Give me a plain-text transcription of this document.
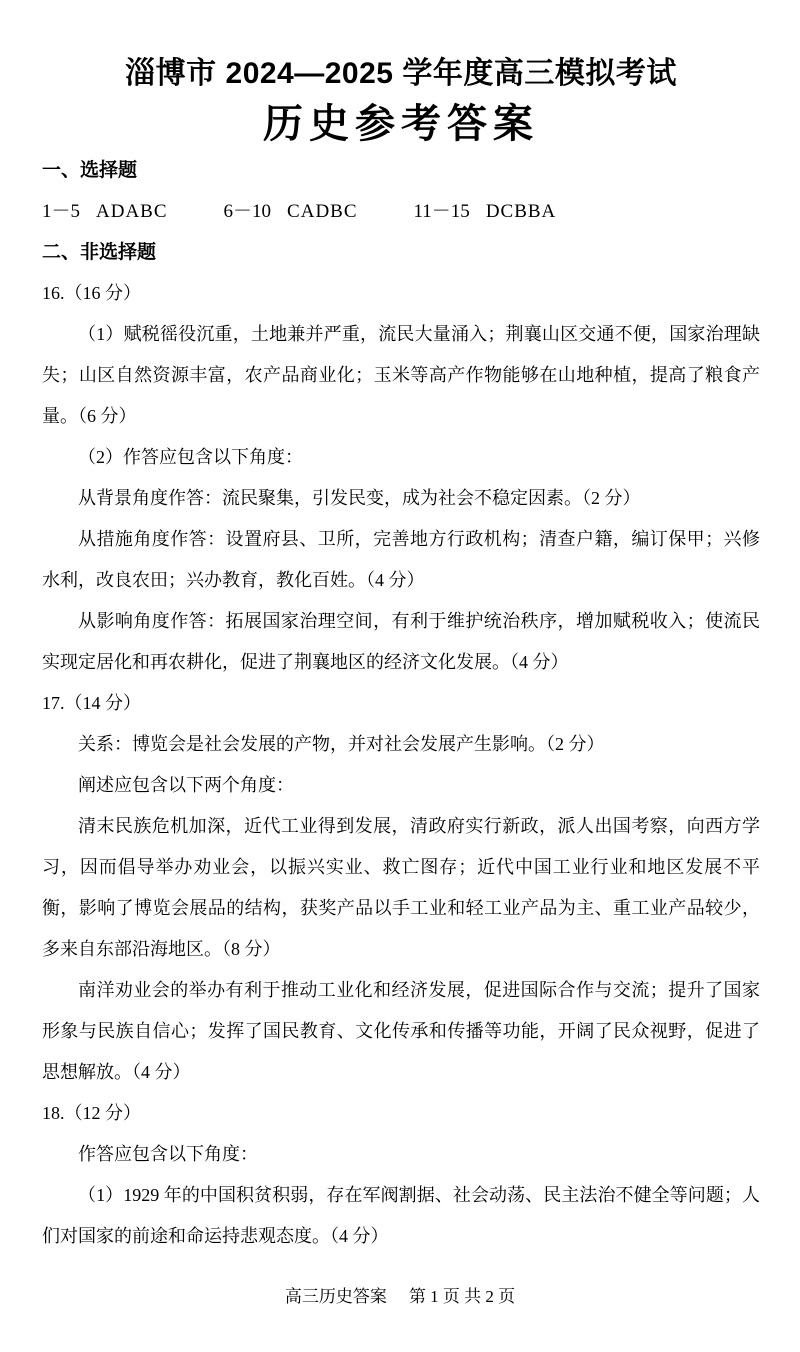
淄博市 2024—2025 学年度高三模拟考试
历史参考答案
一、选择题
1－5 ADABC	6－10 CADBC	11－15 DCBBA
二、非选择题
16.（16 分）

（1）赋税徭役沉重，土地兼并严重，流民大量涌入；荆襄山区交通不便，国家治理缺失；山区自然资源丰富，农产品商业化；玉米等高产作物能够在山地种植，提高了粮食产量。（6 分）

（2）作答应包含以下角度：

从背景角度作答：流民聚集，引发民变，成为社会不稳定因素。（2 分）

从措施角度作答：设置府县、卫所，完善地方行政机构；清查户籍，编订保甲；兴修水利，改良农田；兴办教育，教化百姓。（4 分）

从影响角度作答：拓展国家治理空间，有利于维护统治秩序，增加赋税收入；使流民实现定居化和再农耕化，促进了荆襄地区的经济文化发展。（4 分）

17.（14 分）

关系：博览会是社会发展的产物，并对社会发展产生影响。（2 分）

阐述应包含以下两个角度：

清末民族危机加深，近代工业得到发展，清政府实行新政，派人出国考察，向西方学习，因而倡导举办劝业会，以振兴实业、救亡图存；近代中国工业行业和地区发展不平衡，影响了博览会展品的结构，获奖产品以手工业和轻工业产品为主、重工业产品较少，多来自东部沿海地区。（8 分）

南洋劝业会的举办有利于推动工业化和经济发展，促进国际合作与交流；提升了国家形象与民族自信心；发挥了国民教育、文化传承和传播等功能，开阔了民众视野，促进了思想解放。（4 分）

18.（12 分）

作答应包含以下角度：

（1）1929 年的中国积贫积弱，存在军阀割据、社会动荡、民主法治不健全等问题；人们对国家的前途和命运持悲观态度。（4 分）

高三历史答案 第 1 页 共 2 页
